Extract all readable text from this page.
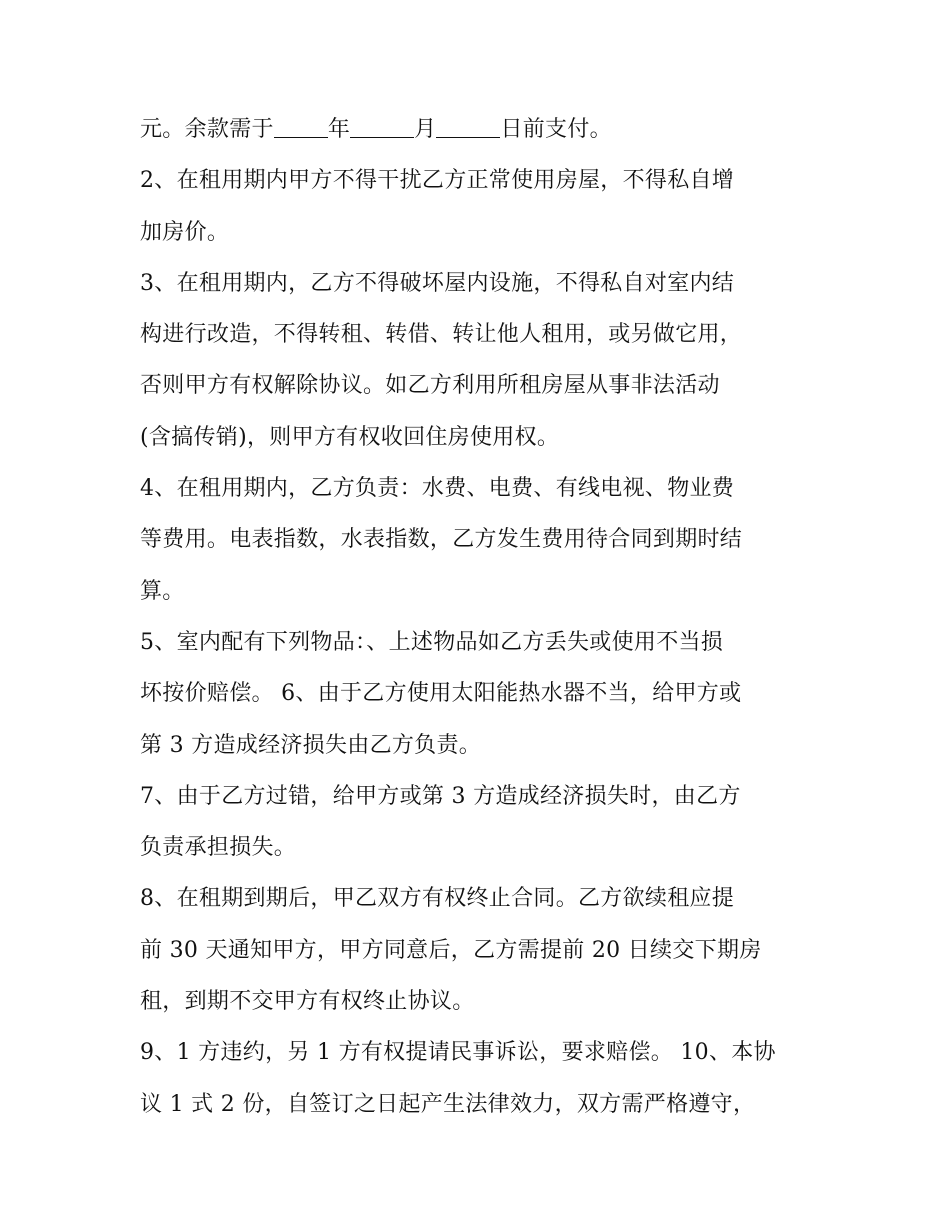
元。余款需于 年	月	日前支付。
2、在租用期内甲方不得干扰乙方正常使用房屋，不得私自增
加房价。
3、在租用期内，乙方不得破坏屋内设施，不得私自对室内结
构进行改造，不得转租、转借、转让他人租用，或另做它用，
否则甲方有权解除协议。如乙方利用所租房屋从事非法活动
(含搞传销)，则甲方有权收回住房使用权。
4、在租用期内，乙方负责：水费、电费、有线电视、物业费
等费用。电表指数，水表指数，乙方发生费用待合同到期时结
算。
5、室内配有下列物品：、上述物品如乙方丢失或使用不当损
坏按价赔偿。 6、由于乙方使用太阳能热水器不当，给甲方或
第 3 方造成经济损失由乙方负责。
7、由于乙方过错，给甲方或第 3 方造成经济损失时，由乙方
负责承担损失。
8、在租期到期后，甲乙双方有权终止合同。乙方欲续租应提
前 30 天通知甲方，甲方同意后，乙方需提前 20 日续交下期房
租，到期不交甲方有权终止协议。
9、1 方违约，另 1 方有权提请民事诉讼，要求赔偿。 10、本协
议 1 式 2 份，自签订之日起产生法律效力，双方需严格遵守，
